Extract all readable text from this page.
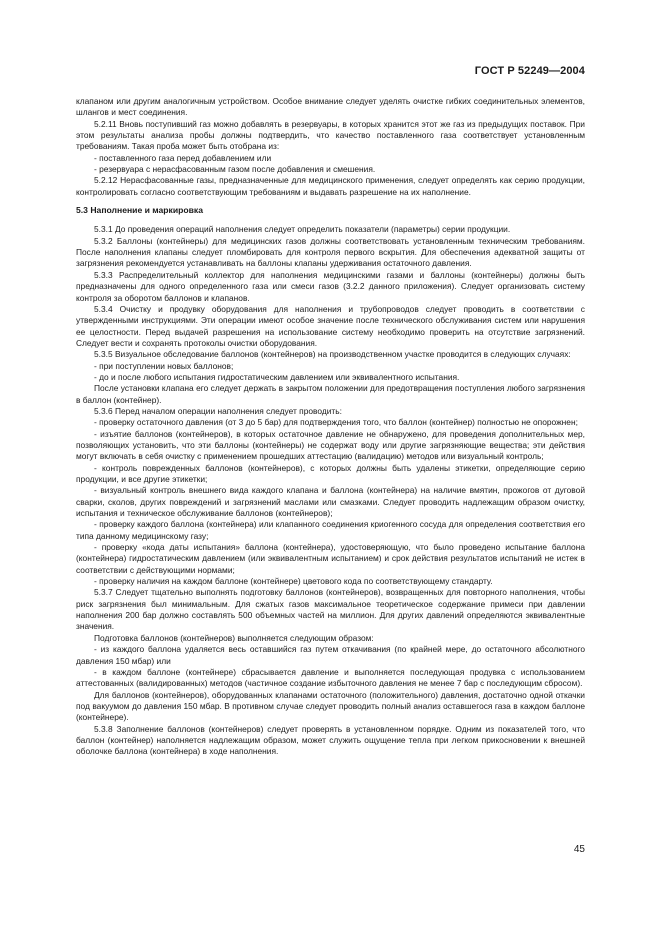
ГОСТ Р 52249—2004

клапаном или другим аналогичным устройством. Особое внимание следует уделять очистке гибких соединительных элементов, шлангов и мест соединения.

5.2.11 Вновь поступивший газ можно добавлять в резервуары, в которых хранится этот же газ из предыдущих поставок. При этом результаты анализа пробы должны подтвердить, что качество поставленного газа соответствует установленным требованиям. Такая проба может быть отобрана из:

- поставленного газа перед добавлением или

- резервуара с нерасфасованным газом после добавления и смешения.

5.2.12 Нерасфасованные газы, предназначенные для медицинского применения, следует определять как серию продукции, контролировать согласно соответствующим требованиям и выдавать разрешение на их наполнение.

5.3 Наполнение и маркировка

5.3.1 До проведения операций наполнения следует определить показатели (параметры) серии продукции.

5.3.2 Баллоны (контейнеры) для медицинских газов должны соответствовать установленным техническим требованиям. После наполнения клапаны следует пломбировать для контроля первого вскрытия. Для обеспечения адекватной защиты от загрязнения рекомендуется устанавливать на баллоны клапаны удерживания остаточного давления.

5.3.3 Распределительный коллектор для наполнения медицинскими газами и баллоны (контейнеры) должны быть предназначены для одного определенного газа или смеси газов (3.2.2 данного приложения). Следует организовать систему контроля за оборотом баллонов и клапанов.

5.3.4 Очистку и продувку оборудования для наполнения и трубопроводов следует проводить в соответствии с утвержденными инструкциями. Эти операции имеют особое значение после технического обслуживания систем или нарушения ее целостности. Перед выдачей разрешения на использование систему необходимо проверить на отсутствие загрязнений. Следует вести и сохранять протоколы очистки оборудования.

5.3.5 Визуальное обследование баллонов (контейнеров) на производственном участке проводится в следующих случаях:

- при поступлении новых баллонов;

- до и после любого испытания гидростатическим давлением или эквивалентного испытания.

После установки клапана его следует держать в закрытом положении для предотвращения поступления любого загрязнения в баллон (контейнер).

5.3.6 Перед началом операции наполнения следует проводить:

- проверку остаточного давления (от 3 до 5 бар) для подтверждения того, что баллон (контейнер) полностью не опорожнен;

- изъятие баллонов (контейнеров), в которых остаточное давление не обнаружено, для проведения дополнительных мер, позволяющих установить, что эти баллоны (контейнеры) не содержат воду или другие загрязняющие вещества; эти действия могут включать в себя очистку с применением прошедших аттестацию (валидацию) методов или визуальный контроль;

- контроль поврежденных баллонов (контейнеров), с которых должны быть удалены этикетки, определяющие серию продукции, и все другие этикетки;

- визуальный контроль внешнего вида каждого клапана и баллона (контейнера) на наличие вмятин, прожогов от дуговой сварки, сколов, других повреждений и загрязнений маслами или смазками. Следует проводить надлежащим образом очистку, испытания и техническое обслуживание баллонов (контейнеров);

- проверку каждого баллона (контейнера) или клапанного соединения криогенного сосуда для определения соответствия его типа данному медицинскому газу;

- проверку «кода даты испытания» баллона (контейнера), удостоверяющую, что было проведено испытание баллона (контейнера) гидростатическим давлением (или эквивалентным испытанием) и срок действия результатов испытаний не истек в соответствии с действующими нормами;

- проверку наличия на каждом баллоне (контейнере) цветового кода по соответствующему стандарту.

5.3.7 Следует тщательно выполнять подготовку баллонов (контейнеров), возвращенных для повторного наполнения, чтобы риск загрязнения был минимальным. Для сжатых газов максимальное теоретическое содержание примеси при давлении наполнения 200 бар должно составлять 500 объемных частей на миллион. Для других давлений определяются эквивалентные значения.

Подготовка баллонов (контейнеров) выполняется следующим образом:

- из каждого баллона удаляется весь оставшийся газ путем откачивания (по крайней мере, до остаточного абсолютного давления 150 мбар) или

- в каждом баллоне (контейнере) сбрасывается давление и выполняется последующая продувка с использованием аттестованных (валидированных) методов (частичное создание избыточного давления не менее 7 бар с последующим сбросом).

Для баллонов (контейнеров), оборудованных клапанами остаточного (положительного) давления, достаточно одной откачки под вакуумом до давления 150 мбар. В противном случае следует проводить полный анализ оставшегося газа в каждом баллоне (контейнере).

5.3.8 Заполнение баллонов (контейнеров) следует проверять в установленном порядке. Одним из показателей того, что баллон (контейнер) наполняется надлежащим образом, может служить ощущение тепла при легком прикосновении к внешней оболочке баллона (контейнера) в ходе наполнения.

45
